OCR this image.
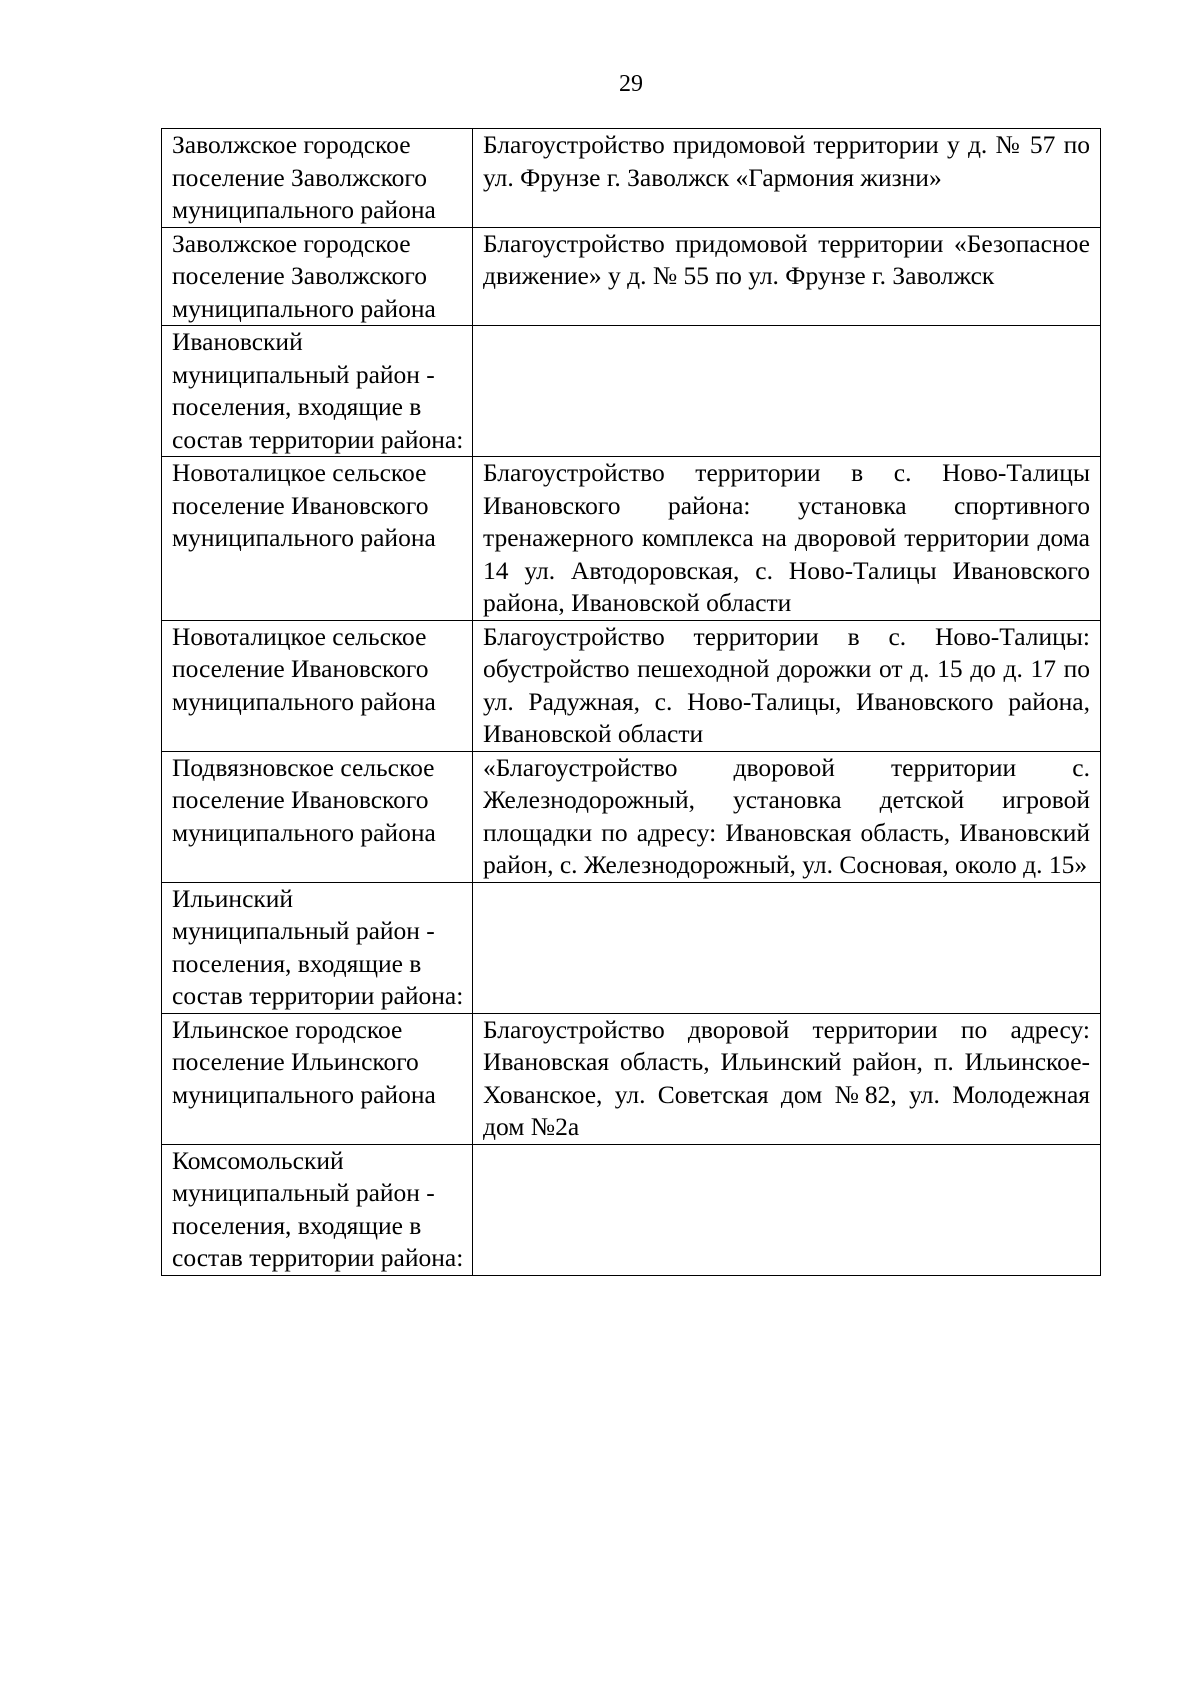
29
Заволжское городское поселение Заволжского муниципального района	Благоустройство придомовой территории у д. № 57 по ул. Фрунзе г. Заволжск «Гармония жизни»
Заволжское городское поселение Заволжского муниципального района	Благоустройство придомовой территории «Безопасное движение» у д. № 55 по ул. Фрунзе г. Заволжск
Ивановский муниципальный район - поселения, входящие в состав территории района:	
Новоталицкое сельское поселение Ивановского муниципального района	Благоустройство территории в с. Ново-Талицы Ивановского района: установка спортивного тренажерного комплекса на дворовой территории дома 14 ул. Автодоровская, с. Ново-Талицы Ивановского района, Ивановской области
Новоталицкое сельское поселение Ивановского муниципального района	Благоустройство территории в с. Ново-Талицы: обустройство пешеходной дорожки от д. 15 до д. 17 по ул. Радужная, с. Ново-Талицы, Ивановского района, Ивановской области
Подвязновское сельское поселение Ивановского муниципального района	«Благоустройство дворовой территории с. Железнодорожный, установка детской игровой площадки по адресу: Ивановская область, Ивановский район, с. Железнодорожный, ул. Сосновая, около д. 15»
Ильинский муниципальный район - поселения, входящие в состав территории района:	
Ильинское городское поселение Ильинского муниципального района	Благоустройство дворовой территории по адресу: Ивановская область, Ильинский район, п. Ильинское-Хованское, ул. Советская дом №82, ул. Молодежная дом №2а
Комсомольский муниципальный район - поселения, входящие в состав территории района:	
